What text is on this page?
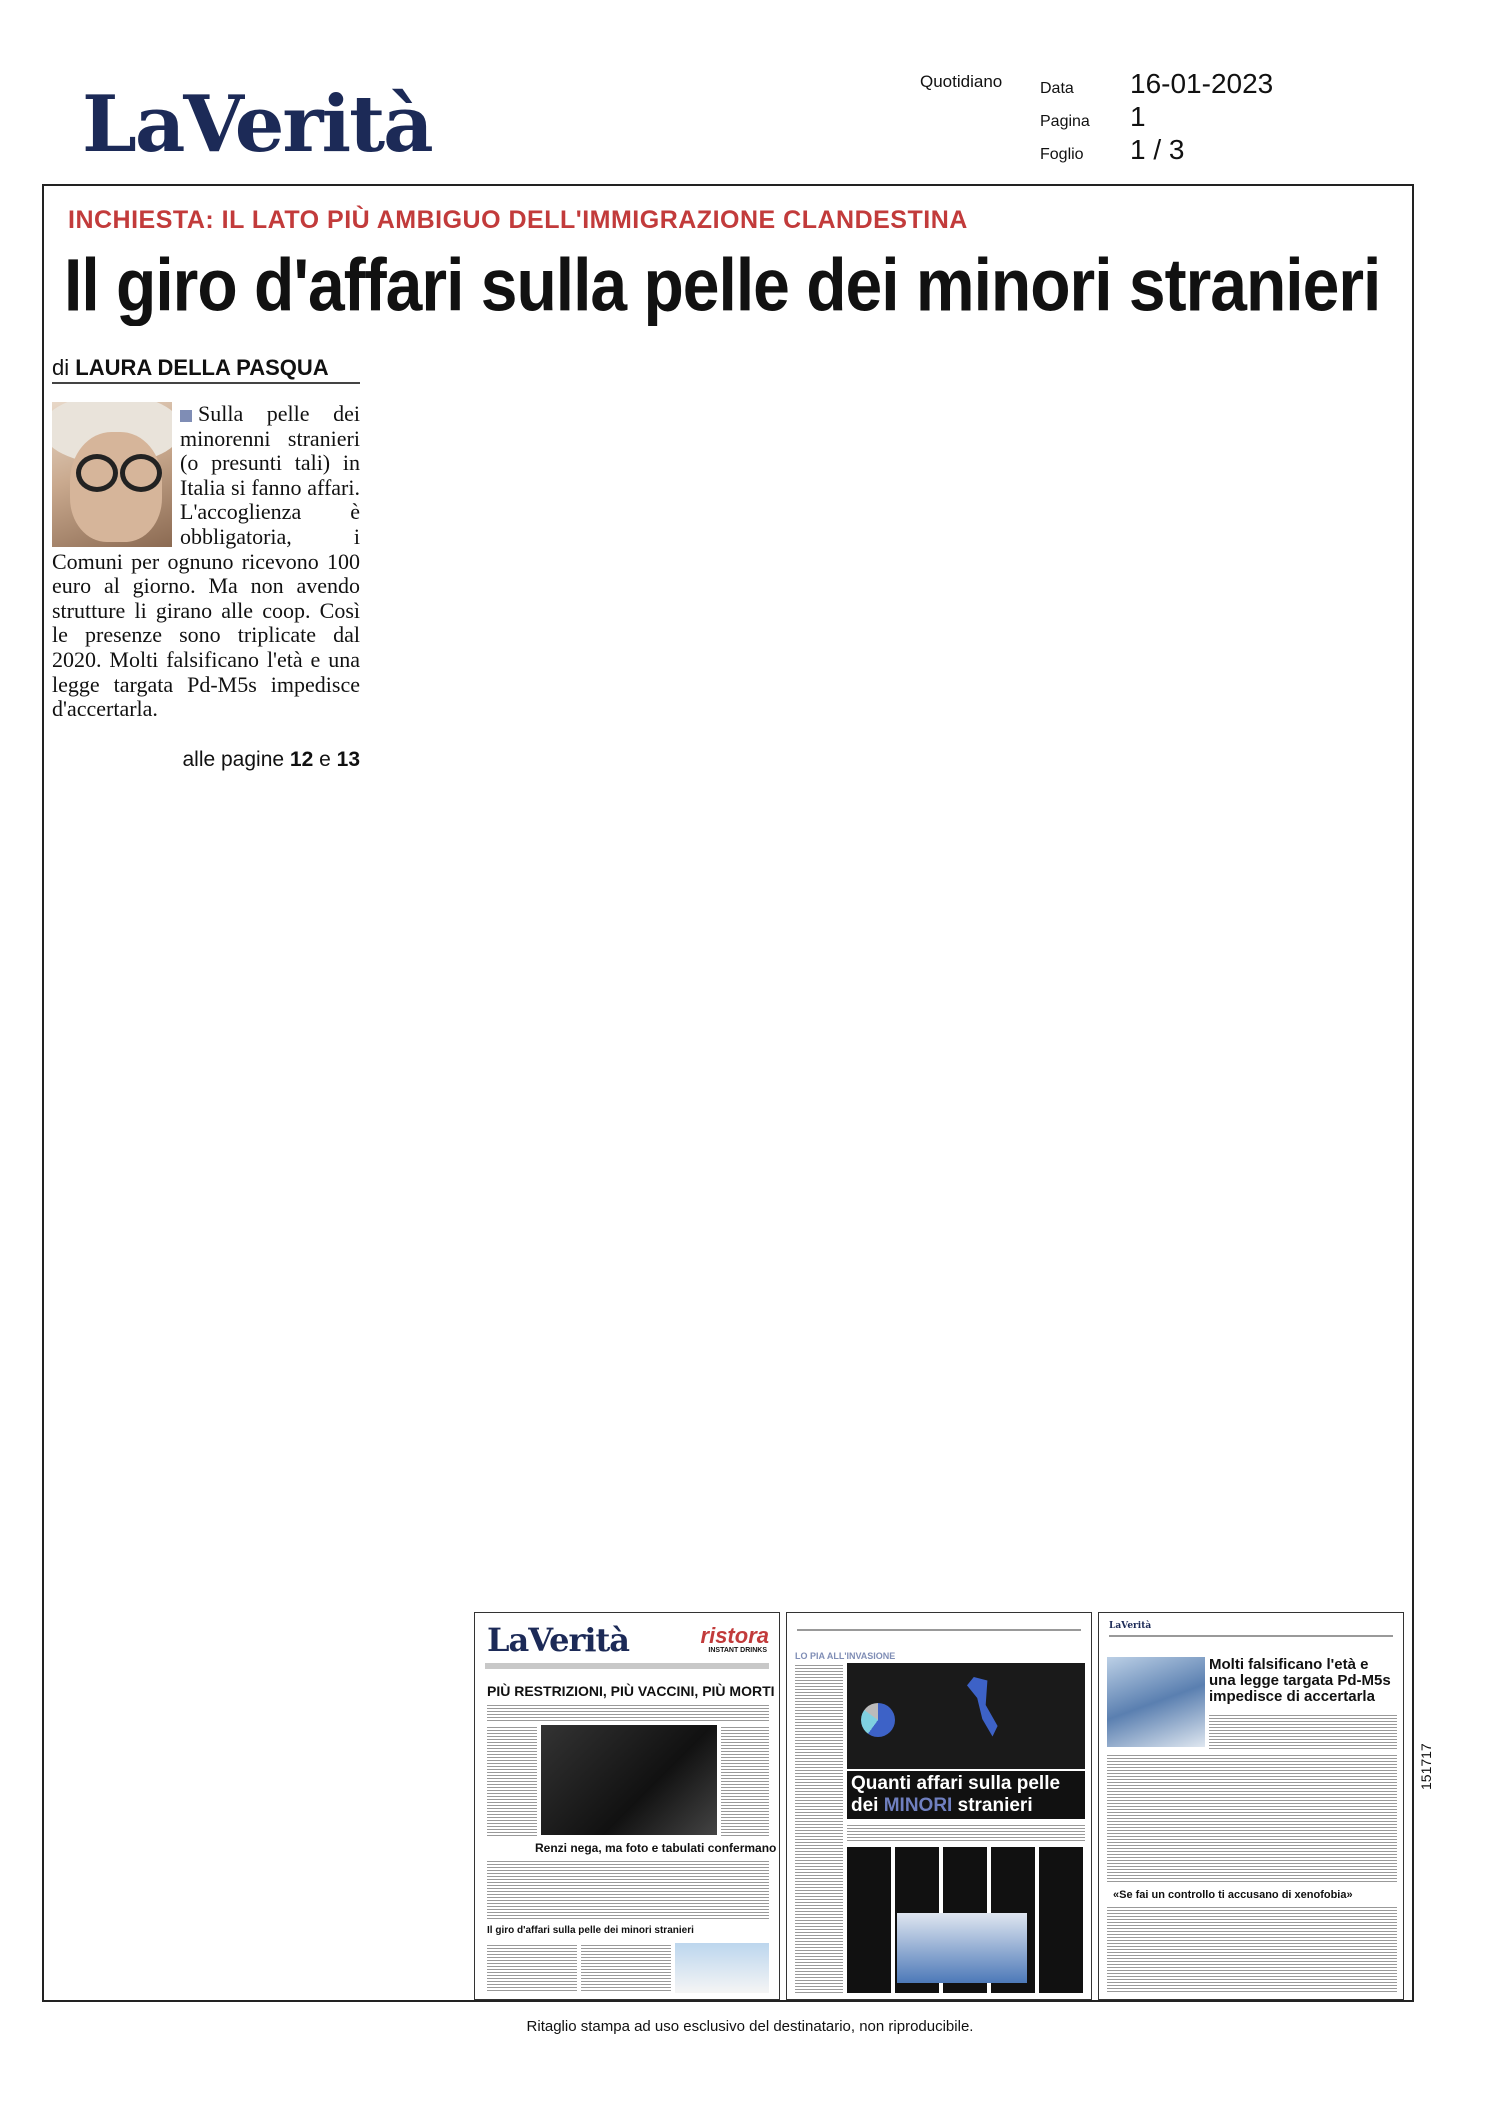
LaVerità	Quotidiano Data	16-01-2023
Pagina	1
Foglio	1 / 3
INCHIESTA: IL LATO PIÙ AMBIGUO DELL'IMMIGRAZIONE CLANDESTINA
Il giro d'affari sulla pelle dei minori stranieri
di LAURA DELLA PASQUA
Sulla pelle dei minorenni stranieri (o presunti tali) in Italia si fanno affari. L'accoglienza è obbligatoria, i Comuni per ognuno ricevono 100 euro al giorno. Ma non avendo strutture li girano alle coop. Così le presenze sono triplicate dal 2020. Molti falsificano l'età e una legge targata Pd-M5s impedisce d'accertarla.
alle pagine 12 e 13
LaVerità	ristora
INSTANT DRINKS
PIÙ RESTRIZIONI, PIÙ VACCINI, PIÙ MORTI
Renzi nega, ma foto e tabulati confermano
Il giro d'affari sulla pelle dei minori stranieri
LO PIA ALL'INVASIONE
Quanti affari sulla pelle
dei MINORI stranieri
LaVerità
Molti falsificano l'età e una legge targata Pd-M5s impedisce di accertarla
«Se fai un controllo ti accusano di xenofobia»
151717
Ritaglio stampa ad uso esclusivo del destinatario, non riproducibile.
